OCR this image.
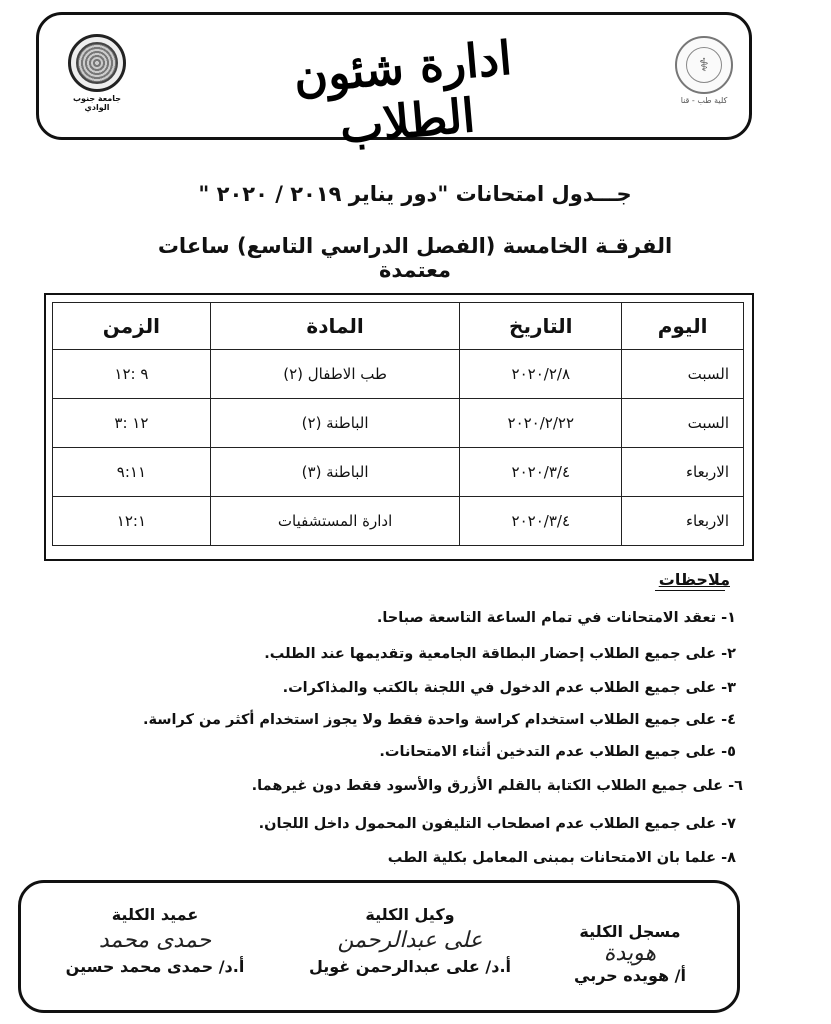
جامعة جنوب الوادي
⚕
كلية طب - قنا
ادارة شئون الطلاب
جـــدول امتحانات "دور يناير ٢٠١٩ / ٢٠٢٠ "
الفرقـة الخامسة (الفصل الدراسي التاسع) ساعات معتمدة
اليوم	التاريخ	المادة	الزمن
السبت	٢٠٢٠/٢/٨	طب الاطفال (٢)	٩ :١٢
السبت	٢٠٢٠/٢/٢٢	الباطنة (٢)	١٢ :٣
الاربعاء	٢٠٢٠/٣/٤	الباطنة (٣)	٩:١١
الاربعاء	٢٠٢٠/٣/٤	ادارة المستشفيات	١٢:١
ملاحظات
١- تعقد الامتحانات في تمام الساعة التاسعة صباحا.
٢- على جميع الطلاب إحضار البطاقة الجامعية وتقديمها عند الطلب.
٣- على جميع الطلاب عدم الدخول في اللجنة بالكتب والمذاكرات.
٤- على جميع الطلاب استخدام كراسة واحدة فقط ولا يجوز استخدام أكثر من كراسة.
٥- على جميع الطلاب عدم التدخين أثناء الامتحانات.
٦- على جميع الطلاب الكتابة بالقلم الأزرق والأسود فقط دون غيرهما.
٧- على جميع الطلاب عدم اصطحاب التليفون المحمول داخل اللجان.
٨- علما بان الامتحانات بمبنى المعامل بكلية الطب
مسجل الكلية
هويدة
أ/ هويده حربي
وكيل الكلية
على عبدالرحمن
أ.د/ على عبدالرحمن غويل
عميد الكلية
حمدى محمد
أ.د/ حمدى محمد حسين
